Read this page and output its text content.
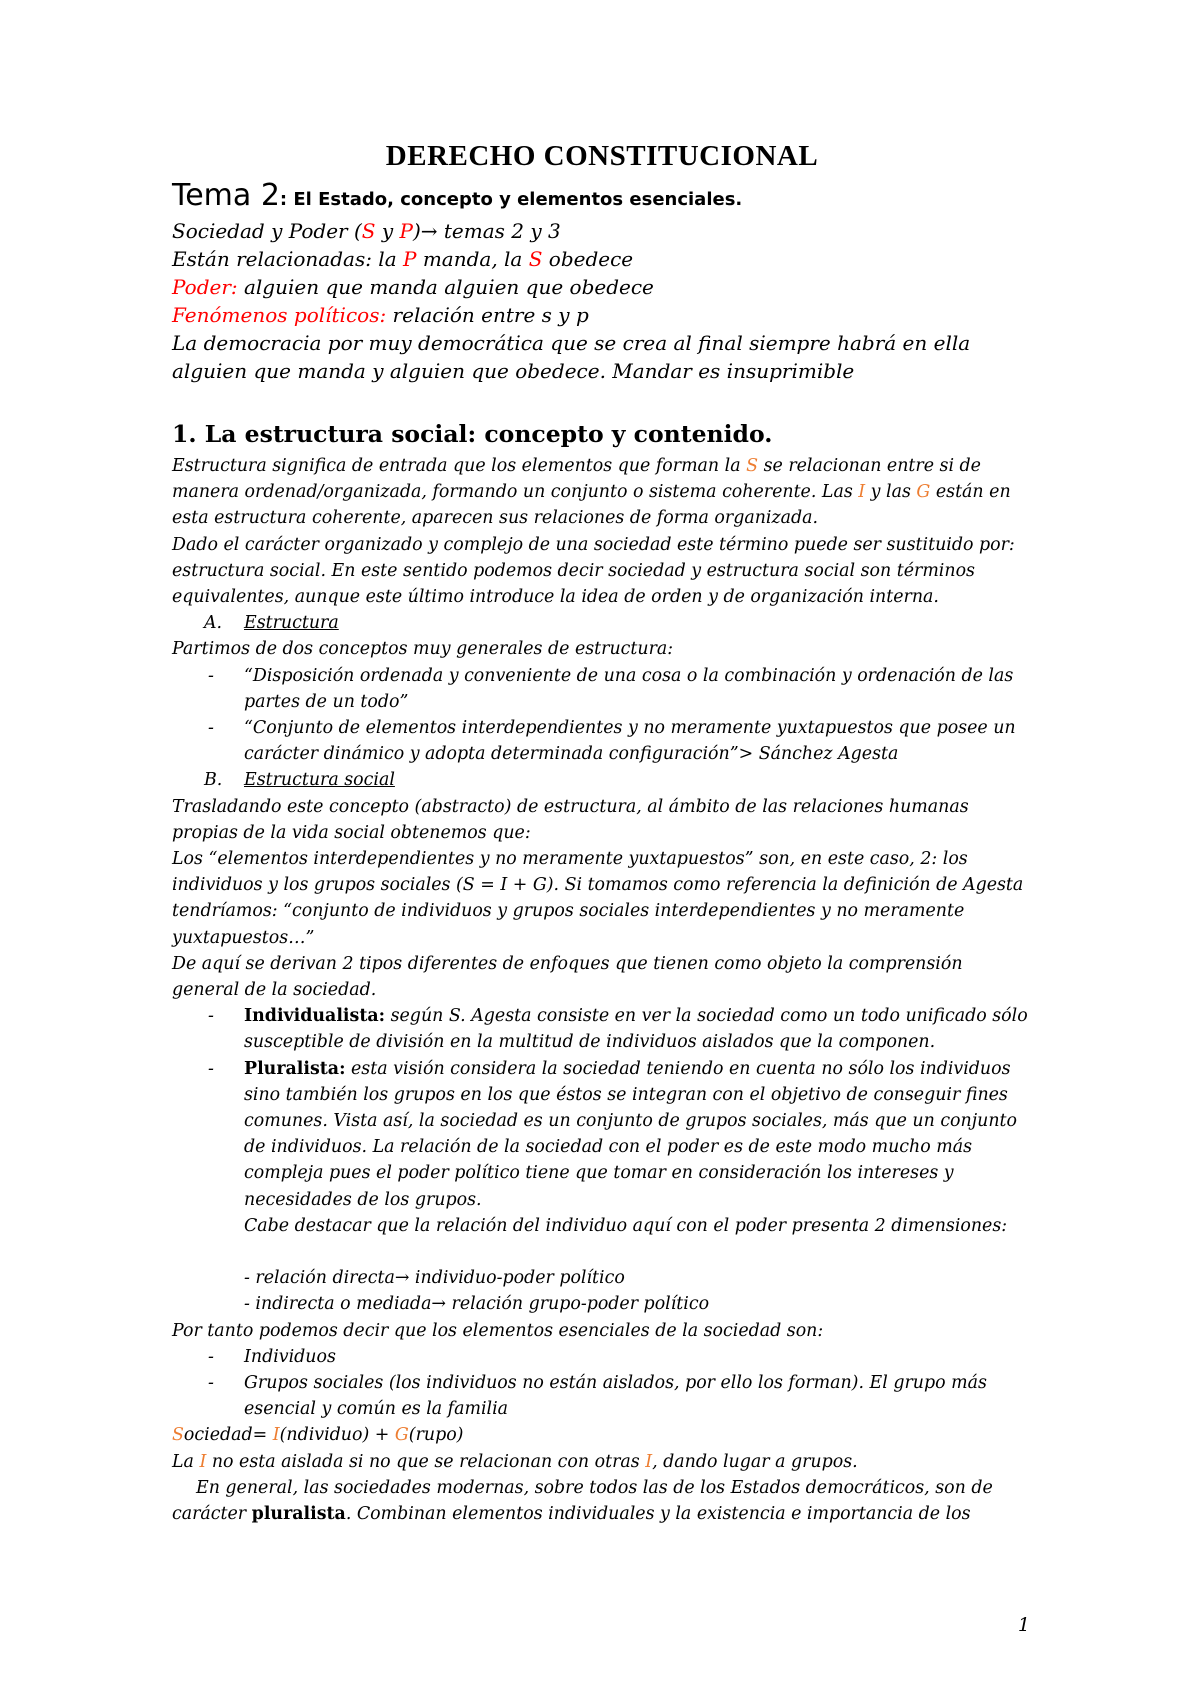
DERECHO CONSTITUCIONAL

Tema 2: El Estado, concepto y elementos esenciales.

Sociedad y Poder (S y P)→ temas 2 y 3

Están relacionadas: la P manda, la S obedece

Poder: alguien que manda alguien que obedece

Fenómenos políticos: relación entre s y p

La democracia por muy democrática que se crea al final siempre habrá en ella alguien que manda y alguien que obedece. Mandar es insuprimible

1. La estructura social: concepto y contenido.

Estructura significa de entrada que los elementos que forman la S se relacionan entre si de manera ordenad/organizada, formando un conjunto o sistema coherente. Las I y las G están en esta estructura coherente, aparecen sus relaciones de forma organizada.

Dado el carácter organizado y complejo de una sociedad este término puede ser sustituido por: estructura social. En este sentido podemos decir sociedad y estructura social son términos equivalentes, aunque este último introduce la idea de orden y de organización interna.

A.	Estructura

Partimos de dos conceptos muy generales de estructura:

-	“Disposición ordenada y conveniente de una cosa o la combinación y ordenación de las partes de un todo”
-	“Conjunto de elementos interdependientes y no meramente yuxtapuestos que posee un carácter dinámico y adopta determinada configuración”> Sánchez Agesta
B.	Estructura social

Trasladando este concepto (abstracto) de estructura, al ámbito de las relaciones humanas propias de la vida social obtenemos que:

Los “elementos interdependientes y no meramente yuxtapuestos” son, en este caso, 2: los individuos y los grupos sociales (S = I + G). Si tomamos como referencia la definición de Agesta tendríamos: “conjunto de individuos y grupos sociales interdependientes y no meramente yuxtapuestos…”

De aquí se derivan 2 tipos diferentes de enfoques que tienen como objeto la comprensión general de la sociedad.

-	Individualista: según S. Agesta consiste en ver la sociedad como un todo unificado sólo susceptible de división en la multitud de individuos aislados que la componen.
-	Pluralista: esta visión considera la sociedad teniendo en cuenta no sólo los individuos sino también los grupos en los que éstos se integran con el objetivo de conseguir fines comunes. Vista así, la sociedad es un conjunto de grupos sociales, más que un conjunto de individuos. La relación de la sociedad con el poder es de este modo mucho más compleja pues el poder político tiene que tomar en consideración los intereses y necesidades de los grupos.
Cabe destacar que la relación del individuo aquí con el poder presenta 2 dimensiones:
- relación directa→ individuo-poder político
- indirecta o mediada→ relación grupo-poder político

Por tanto podemos decir que los elementos esenciales de la sociedad son:

-	Individuos
-	Grupos sociales (los individuos no están aislados, por ello los forman). El grupo más esencial y común es la familia

Sociedad= I(ndividuo) + G(rupo)

La I no esta aislada si no que se relacionan con otras I, dando lugar a grupos.

En general, las sociedades modernas, sobre todos las de los Estados democráticos, son de carácter pluralista. Combinan elementos individuales y la existencia e importancia de los

1
